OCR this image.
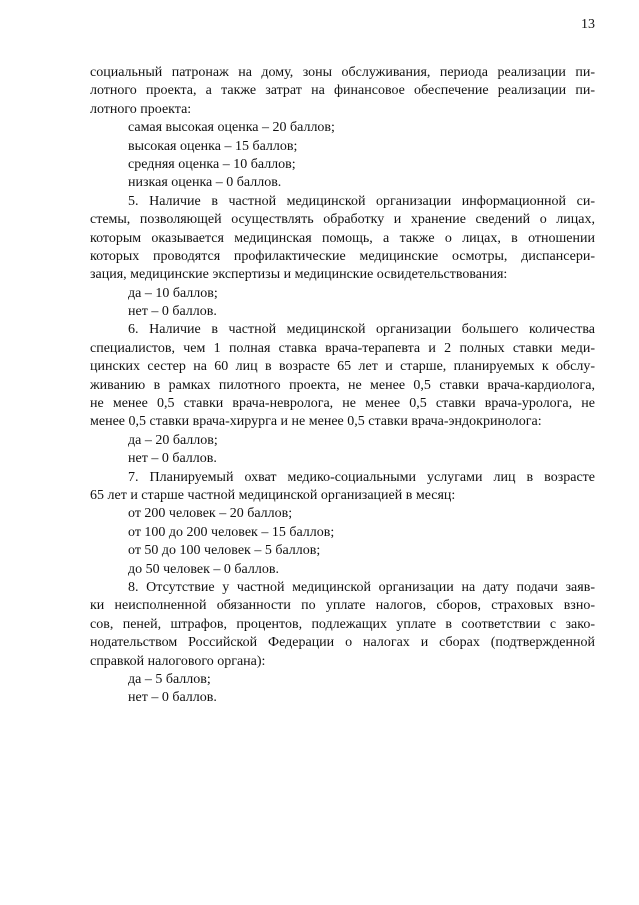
13
социальный патронаж на дому, зоны обслуживания, периода реализации пи-
лотного проекта, а также затрат на финансовое обеспечение реализации пи-
лотного проекта:
самая высокая оценка – 20 баллов;
высокая оценка – 15 баллов;
средняя оценка – 10 баллов;
низкая оценка – 0 баллов.
5. Наличие в частной медицинской организации информационной си-
стемы, позволяющей осуществлять обработку и хранение сведений о лицах,
которым оказывается медицинская помощь, а также о лицах, в отношении
которых проводятся профилактические медицинские осмотры, диспансери-
зация, медицинские экспертизы и медицинские освидетельствования:
да – 10 баллов;
нет – 0 баллов.
6. Наличие в частной медицинской организации большего количества
специалистов, чем 1 полная ставка врача-терапевта и 2 полных ставки меди-
цинских сестер на 60 лиц в возрасте 65 лет и старше, планируемых к обслу-
живанию в рамках пилотного проекта, не менее 0,5 ставки врача-кардиолога,
не менее 0,5 ставки врача-невролога, не менее 0,5 ставки врача-уролога, не
менее 0,5 ставки врача-хирурга и не менее 0,5 ставки врача-эндокринолога:
да – 20 баллов;
нет – 0 баллов.
7. Планируемый охват медико-социальными услугами лиц в возрасте
65 лет и старше частной медицинской организацией в месяц:
от 200 человек – 20 баллов;
от 100 до 200 человек – 15 баллов;
от 50 до 100 человек – 5 баллов;
до 50 человек – 0 баллов.
8. Отсутствие у частной медицинской организации на дату подачи заяв-
ки неисполненной обязанности по уплате налогов, сборов, страховых взно-
сов, пеней, штрафов, процентов, подлежащих уплате в соответствии с зако-
нодательством Российской Федерации о налогах и сборах (подтвержденной
справкой налогового органа):
да – 5 баллов;
нет – 0 баллов.
